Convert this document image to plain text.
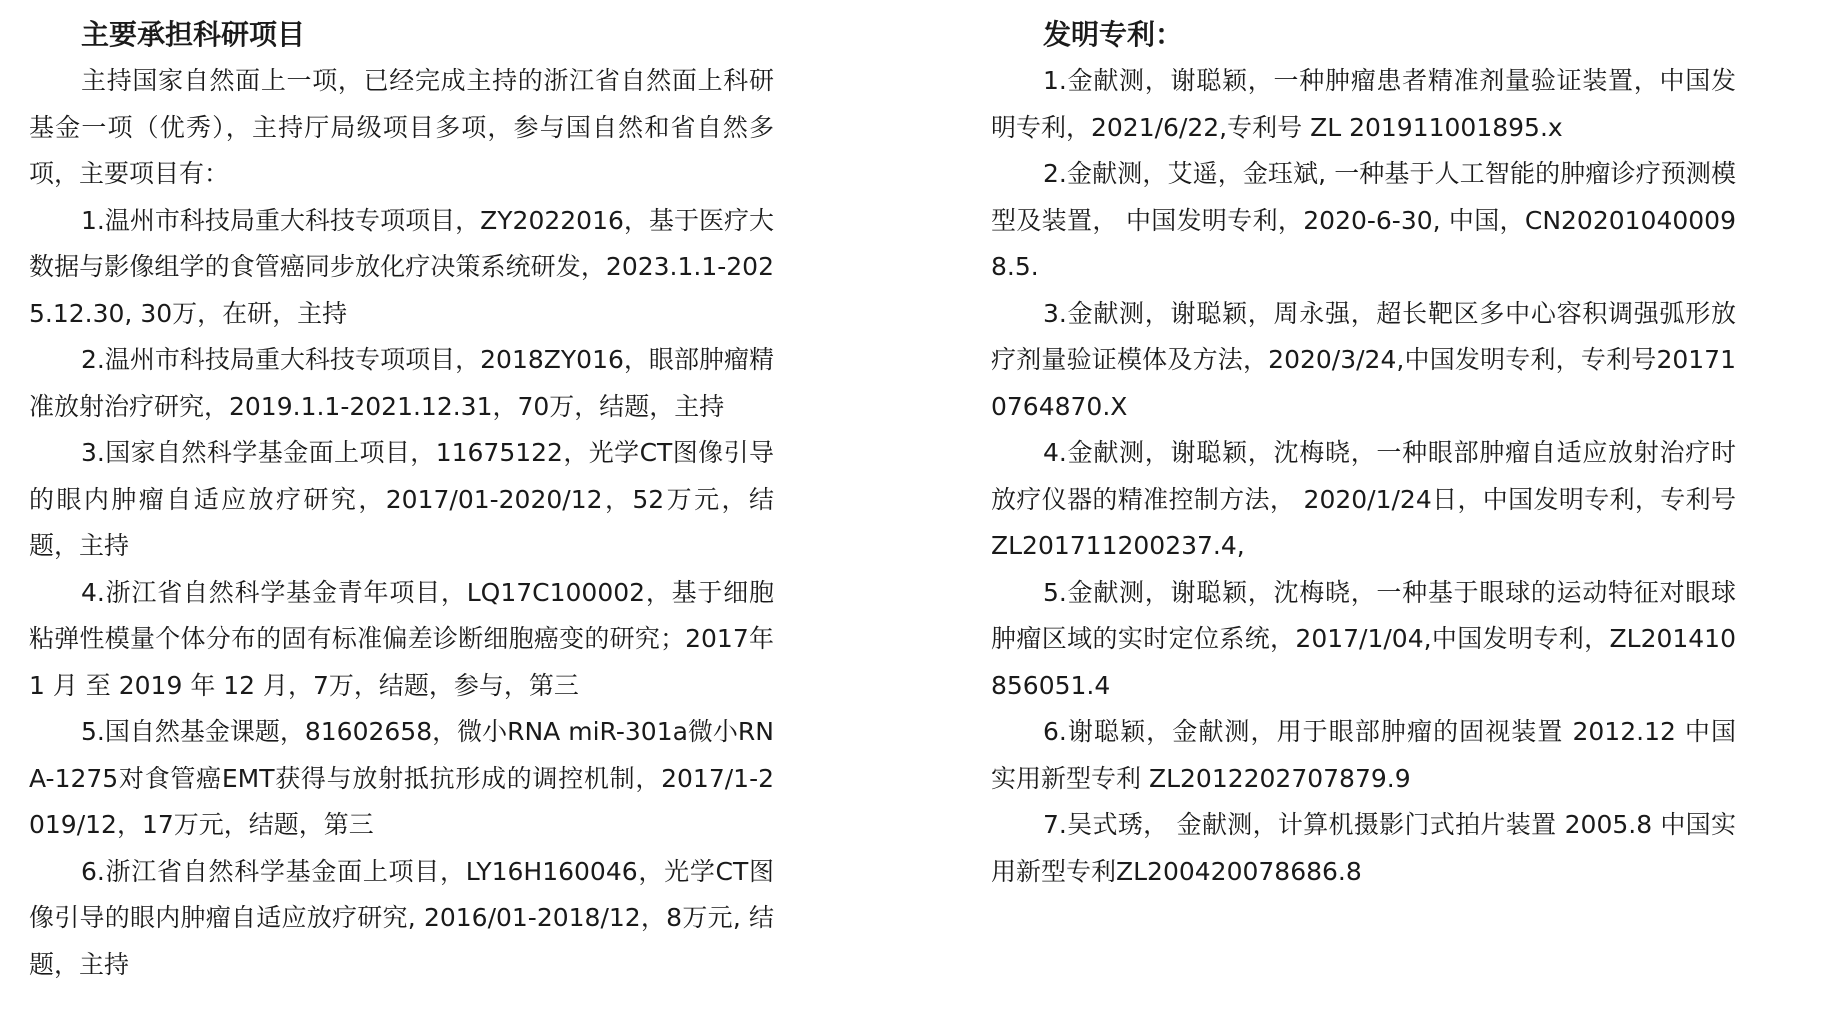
主要承担科研项目

主持国家自然面上一项，已经完成主持的浙江省自然面上科研基金一项（优秀），主持厅局级项目多项，参与国自然和省自然多项，主要项目有：

1.温州市科技局重大科技专项项目，ZY2022016，基于医疗大数据与影像组学的食管癌同步放化疗决策系统研发，2023.1.1-2025.12.30, 30万，在研，主持

2.温州市科技局重大科技专项项目，2018ZY016，眼部肿瘤精准放射治疗研究，2019.1.1-2021.12.31，70万，结题，主持

3.国家自然科学基金面上项目，11675122，光学CT图像引导的眼内肿瘤自适应放疗研究，2017/01-2020/12，52万元，结题，主持

4.浙江省自然科学基金青年项目，LQ17C100002，基于细胞粘弹性模量个体分布的固有标准偏差诊断细胞癌变的研究；2017年 1 月 至 2019 年 12 月，7万，结题，参与，第三

5.国自然基金课题，81602658，微小RNA miR-301a微小RNA-1275对食管癌EMT获得与放射抵抗形成的调控机制，2017/1-2019/12，17万元，结题，第三

6.浙江省自然科学基金面上项目，LY16H160046，光学CT图像引导的眼内肿瘤自适应放疗研究, 2016/01-2018/12，8万元, 结题，主持

发明专利：

1.金献测，谢聪颖，一种肿瘤患者精准剂量验证装置，中国发明专利，2021/6/22,专利号 ZL 201911001895.x

2.金献测，艾遥，金珏斌, 一种基于人工智能的肿瘤诊疗预测模型及装置， 中国发明专利，2020-6-30, 中国，CN202010400098.5.

3.金献测，谢聪颖，周永强，超长靶区多中心容积调强弧形放疗剂量验证模体及方法，2020/3/24,中国发明专利，专利号201710764870.X

4.金献测，谢聪颖，沈梅晓，一种眼部肿瘤自适应放射治疗时放疗仪器的精准控制方法， 2020/1/24日，中国发明专利，专利号ZL201711200237.4,

5.金献测，谢聪颖，沈梅晓，一种基于眼球的运动特征对眼球肿瘤区域的实时定位系统，2017/1/04,中国发明专利，ZL201410856051.4

6.谢聪颖，金献测，用于眼部肿瘤的固视装置 2012.12 中国实用新型专利 ZL2012202707879.9

7.吴式琇， 金献测，计算机摄影门式拍片装置 2005.8 中国实用新型专利ZL200420078686.8
